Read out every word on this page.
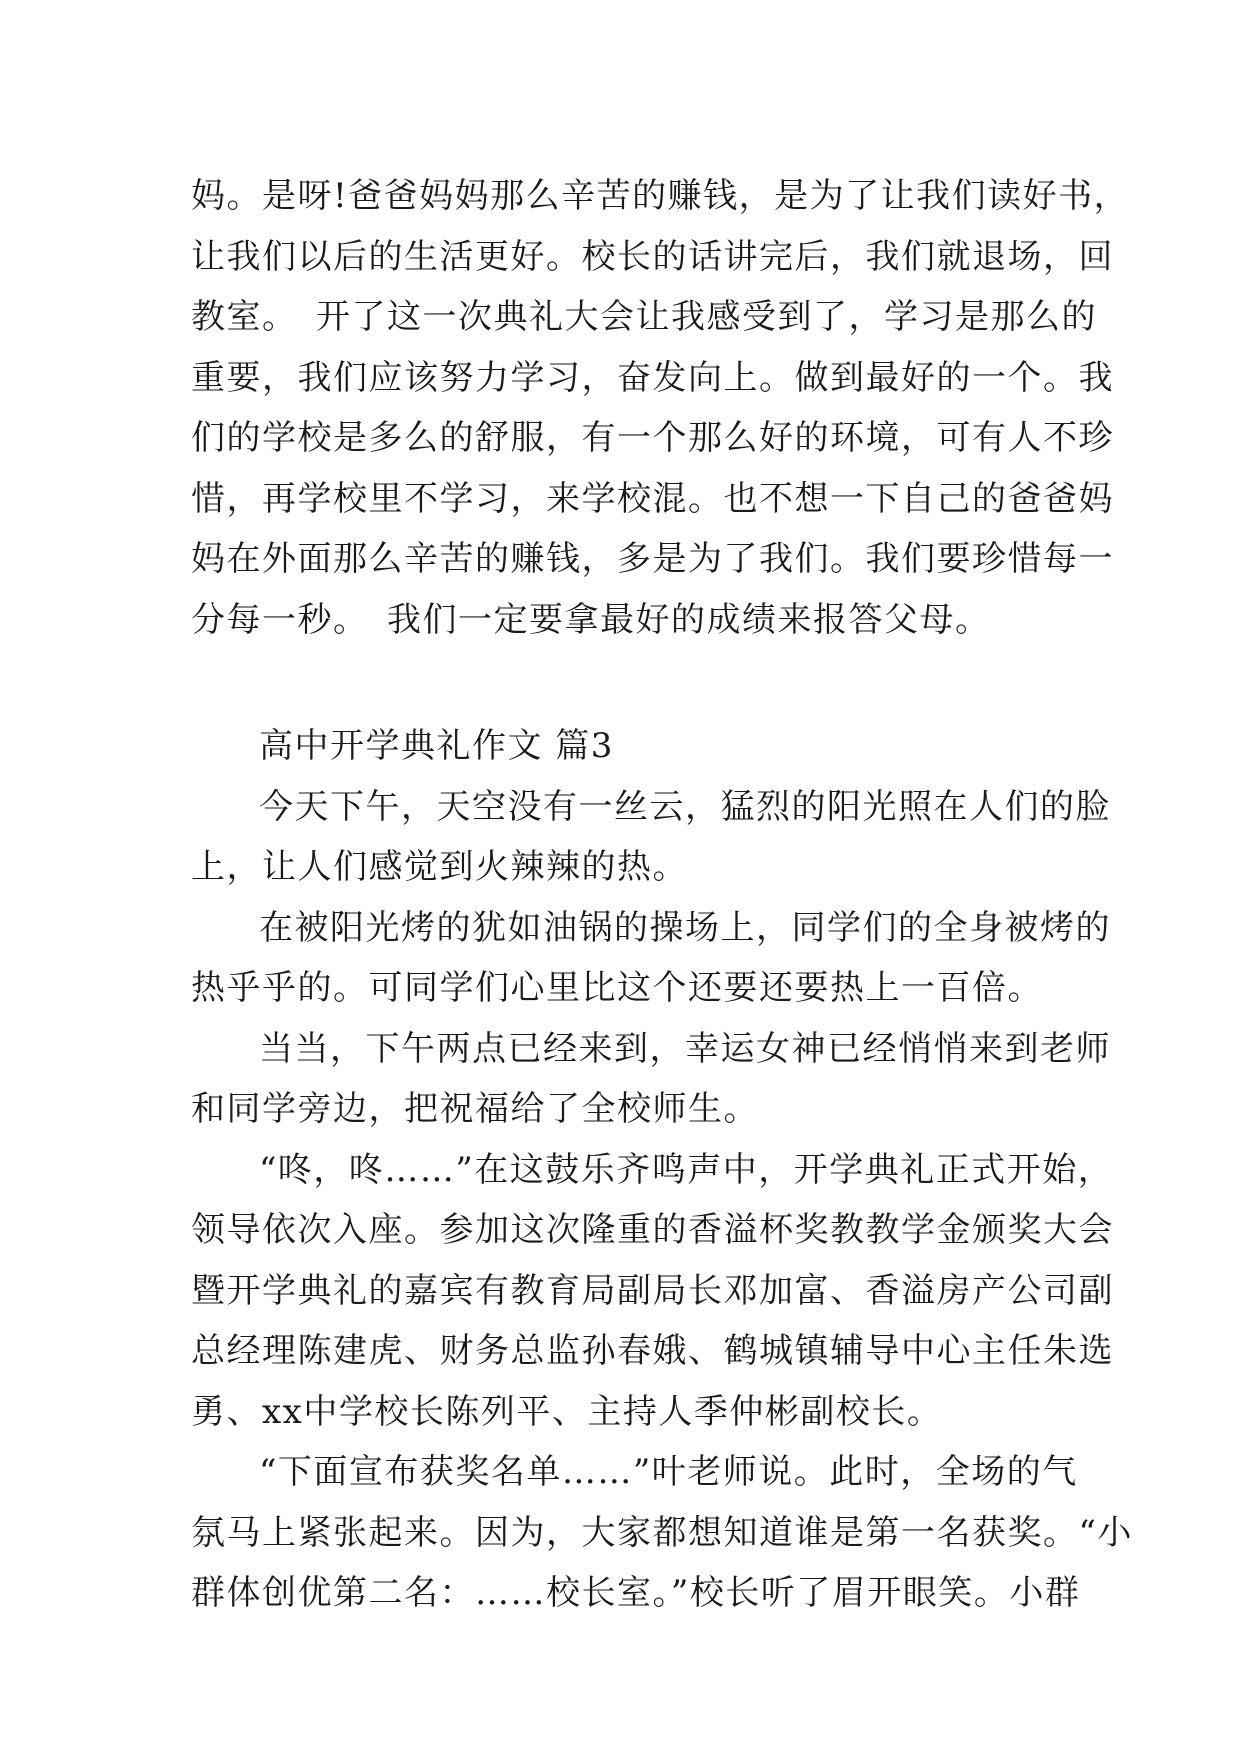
妈。是呀!爸爸妈妈那么辛苦的赚钱，是为了让我们读好书，
让我们以后的生活更好。校长的话讲完后，我们就退场，回
教室。　开了这一次典礼大会让我感受到了，学习是那么的
重要，我们应该努力学习，奋发向上。做到最好的一个。我
们的学校是多么的舒服，有一个那么好的环境，可有人不珍
惜，再学校里不学习，来学校混。也不想一下自己的爸爸妈
妈在外面那么辛苦的赚钱，多是为了我们。我们要珍惜每一
分每一秒。　我们一定要拿最好的成绩来报答父母。
高中开学典礼作文 篇3
今天下午，天空没有一丝云，猛烈的阳光照在人们的脸
上，让人们感觉到火辣辣的热。
在被阳光烤的犹如油锅的操场上，同学们的全身被烤的
热乎乎的。可同学们心里比这个还要还要热上一百倍。
当当，下午两点已经来到，幸运女神已经悄悄来到老师
和同学旁边，把祝福给了全校师生。
“咚，咚……”在这鼓乐齐鸣声中，开学典礼正式开始，
领导依次入座。参加这次隆重的香溢杯奖教教学金颁奖大会
暨开学典礼的嘉宾有教育局副局长邓加富、香溢房产公司副
总经理陈建虎、财务总监孙春娥、鹤城镇辅导中心主任朱选
勇、xx中学校长陈列平、主持人季仲彬副校长。
“下面宣布获奖名单……”叶老师说。此时，全场的气
氛马上紧张起来。因为，大家都想知道谁是第一名获奖。“小
群体创优第二名：……校长室。”校长听了眉开眼笑。小群
